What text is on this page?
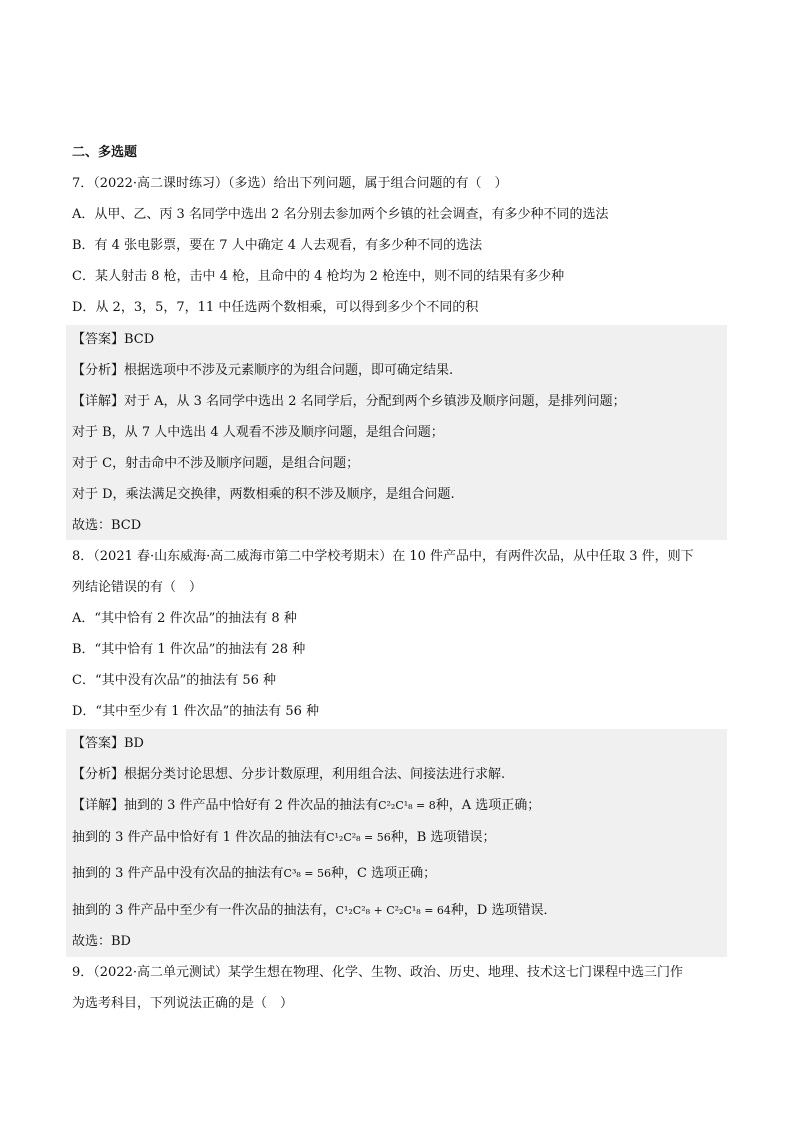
二、多选题
7．（2022·高二课时练习）（多选）给出下列问题，属于组合问题的有（　）
A．从甲、乙、丙 3 名同学中选出 2 名分别去参加两个乡镇的社会调查，有多少种不同的选法
B．有 4 张电影票，要在 7 人中确定 4 人去观看，有多少种不同的选法
C．某人射击 8 枪，击中 4 枪，且命中的 4 枪均为 2 枪连中，则不同的结果有多少种
D．从 2，3，5，7，11 中任选两个数相乘，可以得到多少个不同的积
【答案】BCD
【分析】根据选项中不涉及元素顺序的为组合问题，即可确定结果.
【详解】对于 A，从 3 名同学中选出 2 名同学后，分配到两个乡镇涉及顺序问题，是排列问题；
对于 B，从 7 人中选出 4 人观看不涉及顺序问题，是组合问题；
对于 C，射击命中不涉及顺序问题，是组合问题；
对于 D，乘法满足交换律，两数相乘的积不涉及顺序，是组合问题.
故选：BCD
8．（2021 春·山东威海·高二威海市第二中学校考期末）在 10 件产品中，有两件次品，从中任取 3 件，则下
列结论错误的有（　）
A．“其中恰有 2 件次品”的抽法有 8 种
B．“其中恰有 1 件次品”的抽法有 28 种
C．“其中没有次品”的抽法有 56 种
D．“其中至少有 1 件次品”的抽法有 56 种
【答案】BD
【分析】根据分类讨论思想、分步计数原理，利用组合法、间接法进行求解.
【详解】抽到的 3 件产品中恰好有 2 件次品的抽法有C²₂C¹₈ = 8种，A 选项正确；
抽到的 3 件产品中恰好有 1 件次品的抽法有C¹₂C²₈ = 56种，B 选项错误；
抽到的 3 件产品中没有次品的抽法有C³₈ = 56种，C 选项正确；
抽到的 3 件产品中至少有一件次品的抽法有，C¹₂C²₈ + C²₂C¹₈ = 64种，D 选项错误．
故选：BD
9．（2022·高二单元测试）某学生想在物理、化学、生物、政治、历史、地理、技术这七门课程中选三门作
为选考科目，下列说法正确的是（　）
